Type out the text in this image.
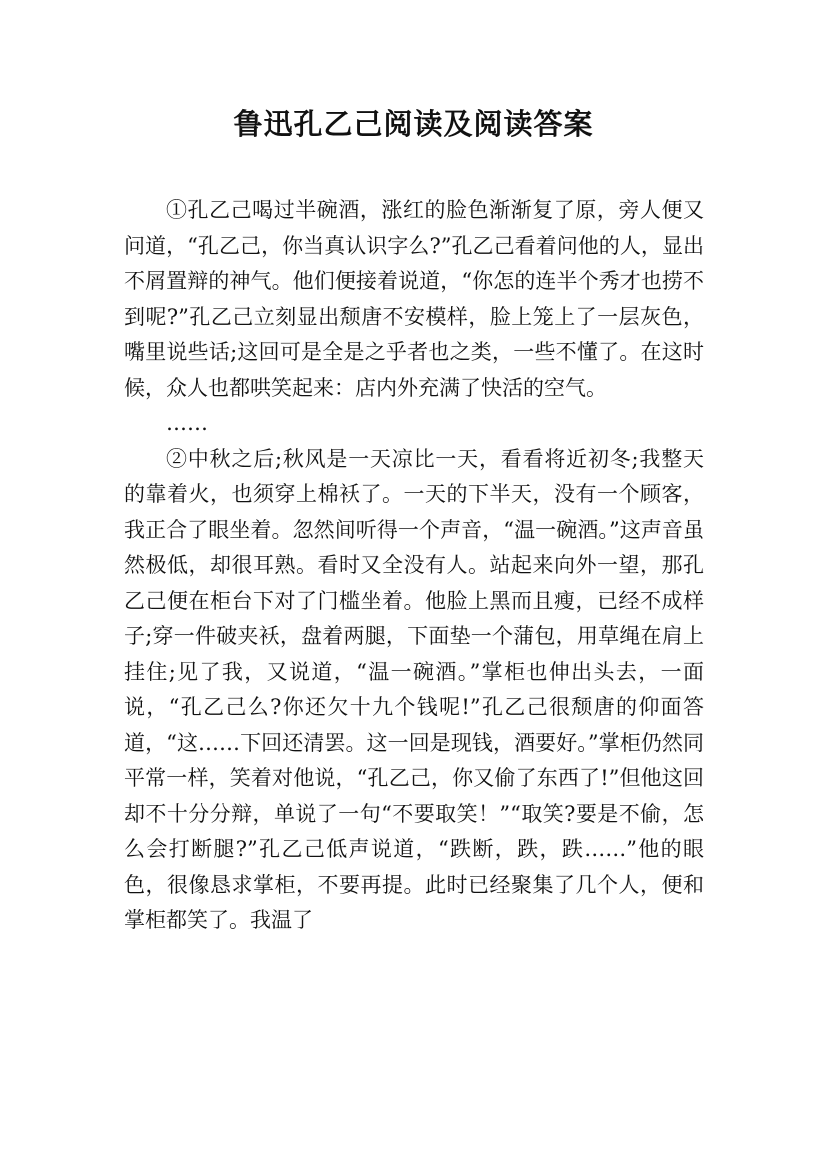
鲁迅孔乙己阅读及阅读答案

①孔乙己喝过半碗酒，涨红的脸色渐渐复了原，旁人便又问道，“孔乙己，你当真认识字么?”孔乙己看着问他的人，显出不屑置辩的神气。他们便接着说道，“你怎的连半个秀才也捞不到呢?”孔乙己立刻显出颓唐不安模样，脸上笼上了一层灰色，嘴里说些话;这回可是全是之乎者也之类，一些不懂了。在这时候，众人也都哄笑起来：店内外充满了快活的空气。

……

②中秋之后;秋风是一天凉比一天，看看将近初冬;我整天的靠着火，也须穿上棉袄了。一天的下半天，没有一个顾客，我正合了眼坐着。忽然间听得一个声音，“温一碗酒。”这声音虽然极低，却很耳熟。看时又全没有人。站起来向外一望，那孔乙己便在柜台下对了门槛坐着。他脸上黑而且瘦，已经不成样子;穿一件破夹袄，盘着两腿，下面垫一个蒲包，用草绳在肩上挂住;见了我，又说道，“温一碗酒。”掌柜也伸出头去，一面说，“孔乙己么?你还欠十九个钱呢!”孔乙己很颓唐的仰面答道，“这……下回还清罢。这一回是现钱，酒要好。”掌柜仍然同平常一样，笑着对他说，“孔乙己，你又偷了东西了!”但他这回却不十分分辩，单说了一句“不要取笑！”“取笑?要是不偷，怎么会打断腿?”孔乙己低声说道，“跌断，跌，跌……”他的眼色，很像恳求掌柜，不要再提。此时已经聚集了几个人，便和掌柜都笑了。我温了
